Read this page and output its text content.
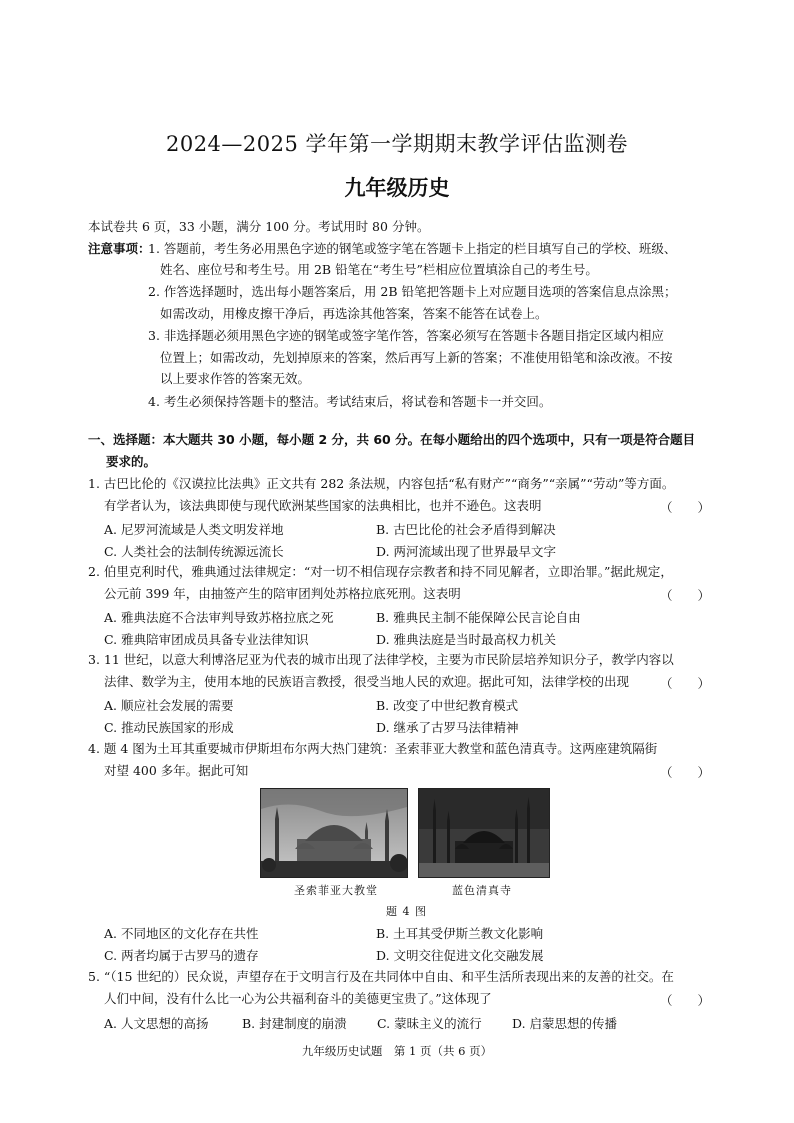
2024—2025 学年第一学期期末教学评估监测卷
九年级历史
本试卷共 6 页，33 小题，满分 100 分。考试用时 80 分钟。
注意事项：
1. 答题前，考生务必用黑色字迹的钢笔或签字笔在答题卡上指定的栏目填写自己的学校、班级、
姓名、座位号和考生号。用 2B 铅笔在“考生号”栏相应位置填涂自己的考生号。
2. 作答选择题时，选出每小题答案后，用 2B 铅笔把答题卡上对应题目选项的答案信息点涂黑；
如需改动，用橡皮擦干净后，再选涂其他答案，答案不能答在试卷上。
3. 非选择题必须用黑色字迹的钢笔或签字笔作答，答案必须写在答题卡各题目指定区域内相应
位置上；如需改动，先划掉原来的答案，然后再写上新的答案；不准使用铅笔和涂改液。不按
以上要求作答的答案无效。
4. 考生必须保持答题卡的整洁。考试结束后，将试卷和答题卡一并交回。
一、选择题：本大题共 30 小题，每小题 2 分，共 60 分。在每小题给出的四个选项中，只有一项是符合题目
要求的。
1. 古巴比伦的《汉谟拉比法典》正文共有 282 条法规，内容包括“私有财产”“商务”“亲属”“劳动”等方面。
有学者认为，该法典即使与现代欧洲某些国家的法典相比，也并不逊色。这表明	（　　）
A. 尼罗河流域是人类文明发祥地	B. 古巴比伦的社会矛盾得到解决
C. 人类社会的法制传统源远流长	D. 两河流域出现了世界最早文字
2. 伯里克利时代，雅典通过法律规定：“对一切不相信现存宗教者和持不同见解者，立即治罪。”据此规定，
公元前 399 年，由抽签产生的陪审团判处苏格拉底死刑。这表明	（　　）
A. 雅典法庭不合法审判导致苏格拉底之死	B. 雅典民主制不能保障公民言论自由
C. 雅典陪审团成员具备专业法律知识	D. 雅典法庭是当时最高权力机关
3. 11 世纪，以意大利博洛尼亚为代表的城市出现了法律学校，主要为市民阶层培养知识分子，教学内容以
法律、数学为主，使用本地的民族语言教授，很受当地人民的欢迎。据此可知，法律学校的出现 （　　）
A. 顺应社会发展的需要	B. 改变了中世纪教育模式
C. 推动民族国家的形成	D. 继承了古罗马法律精神
4. 题 4 图为土耳其重要城市伊斯坦布尔两大热门建筑：圣索菲亚大教堂和蓝色清真寺。这两座建筑隔街
对望 400 多年。据此可知	（　　）
圣索菲亚大教堂	蓝色清真寺
题 4 图
A. 不同地区的文化存在共性	B. 土耳其受伊斯兰教文化影响
C. 两者均属于古罗马的遗存	D. 文明交往促进文化交融发展
5. “（15 世纪的）民众说，声望存在于文明言行及在共同体中自由、和平生活所表现出来的友善的社交。在
人们中间，没有什么比一心为公共福利奋斗的美德更宝贵了。”这体现了	（　　）
A. 人文思想的高扬	B. 封建制度的崩溃 C. 蒙昧主义的流行 D. 启蒙思想的传播
九年级历史试题　第 1 页（共 6 页）
